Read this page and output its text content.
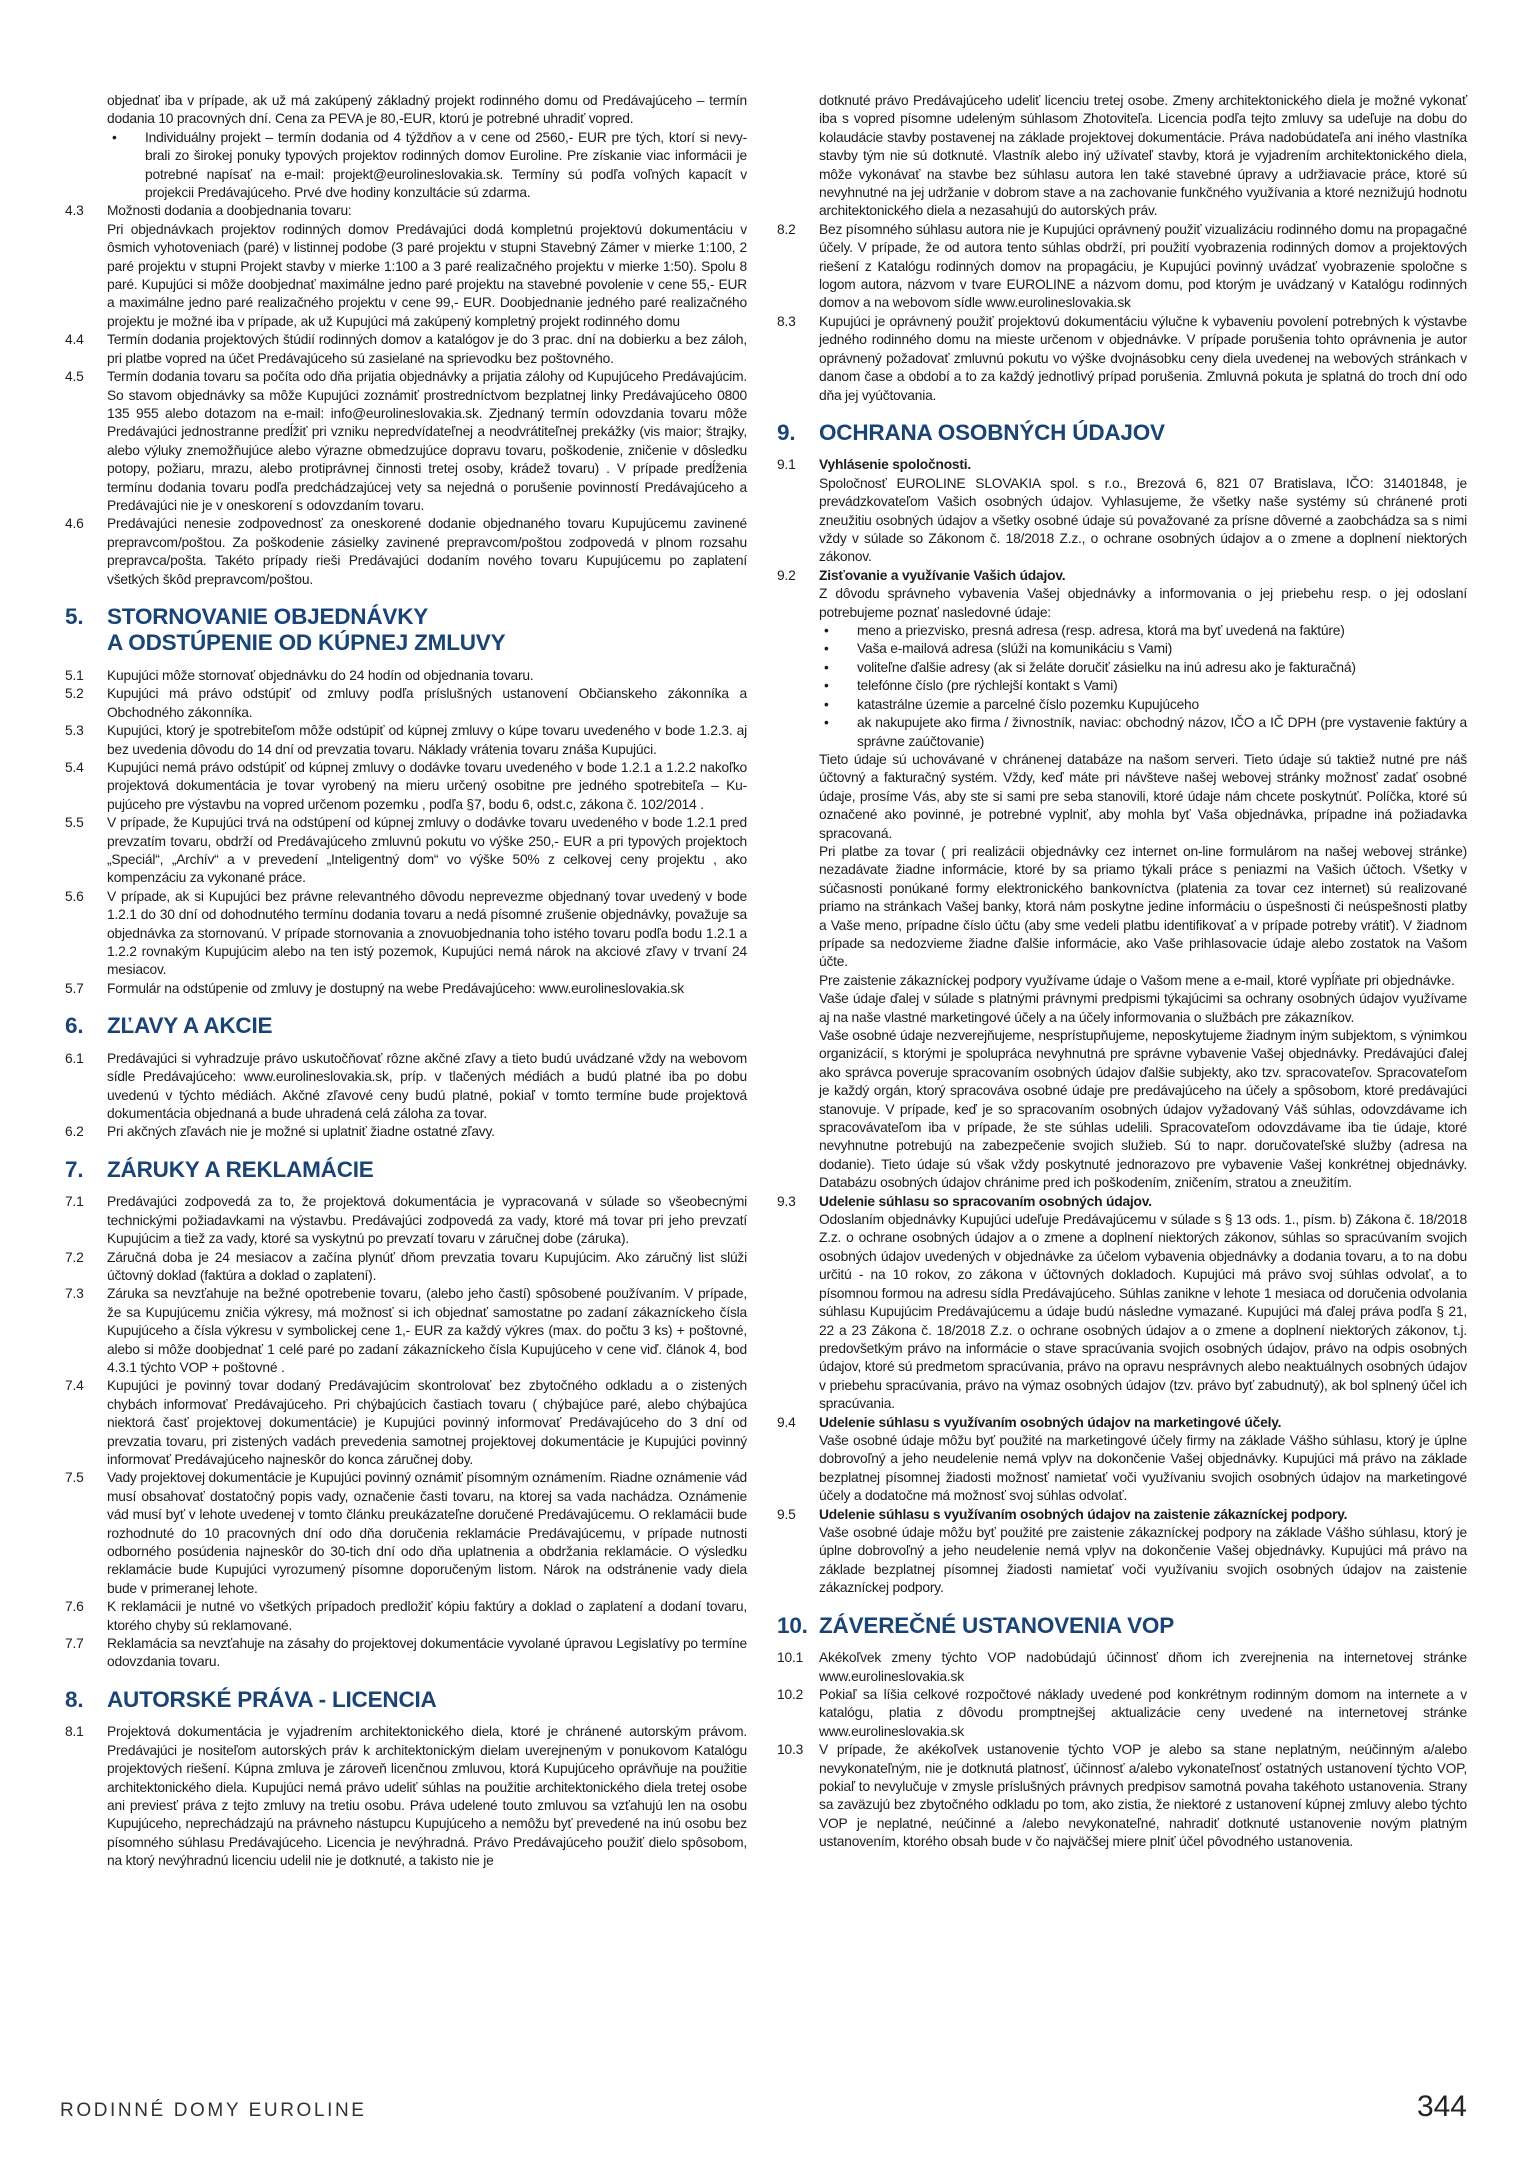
objednať iba v prípade, ak už má zakúpený základný projekt rodinného domu od Predávajúceho – termín dodania 10 pracovných dní. Cena za PEVA je 80,-EUR, ktorú je potrebné uhradiť vopred.
•	Individuálny projekt – termín dodania od 4 týždňov a v cene od 2560,- EUR pre tých, ktorí si nevy-brali zo širokej ponuky typových projektov rodinných domov Euroline. Pre získanie viac informácii je potrebné napísať na e-mail: projekt@eurolineslovakia.sk. Termíny sú podľa voľných kapacít v projekcii Predávajúceho. Prvé dve hodiny konzultácie sú zdarma.
4.3	Možnosti dodania a doobjednania tovaru:
Pri objednávkach projektov rodinných domov Predávajúci dodá kompletnú projektovú dokumentáciu v ôsmich vyhotoveniach (paré) v listinnej podobe (3 paré projektu v stupni Stavebný Zámer v mierke 1:100, 2 paré projektu v stupni Projekt stavby v mierke 1:100 a 3 paré realizačného projektu v mierke 1:50). Spolu 8 paré. Kupujúci si môže doobjednať maximálne jedno paré projektu na stavebné povolenie v cene 55,- EUR a maximálne jedno paré realizačného projektu v cene 99,- EUR. Doobjednanie jedného paré realizačného projektu je možné iba v prípade, ak už Kupujúci má zakúpený kompletný projekt rodinného domu
4.4	Termín dodania projektových štúdií rodinných domov a katalógov je do 3 prac. dní na dobierku a bez záloh, pri platbe vopred na účet Predávajúceho sú zasielané na sprievodku bez poštovného.
4.5	Termín dodania tovaru sa počíta odo dňa prijatia objednávky a prijatia zálohy od Kupujúceho Predávajúcim. So stavom objednávky sa môže Kupujúci zoznámiť prostredníctvom bezplatnej linky Predávajúceho 0800 135 955 alebo dotazom na e-mail: info@eurolineslovakia.sk. Zjednaný termín odovzdania tovaru môže Predávajúci jednostranne predĺžiť pri vzniku nepredvídateľnej a neodvrátiteľnej prekážky (vis maior; štrajky, alebo výluky znemožňujúce alebo výrazne obmedzujúce dopravu tovaru, poškodenie, zničenie v dôsledku potopy, požiaru, mrazu, alebo protiprávnej činnosti tretej osoby, krádež tovaru) . V prípade predĺženia termínu dodania tovaru podľa predchádzajúcej vety sa nejedná o porušenie povinností Predávajúceho a Predávajúci nie je v oneskorení s odovzdaním tovaru.
4.6	Predávajúci nenesie zodpovednosť za oneskorené dodanie objednaného tovaru Kupujúcemu zavinené prepravcom/poštou. Za poškodenie zásielky zavinené prepravcom/poštou zodpovedá v plnom rozsahu prepravca/pošta. Takéto prípady rieši Predávajúci dodaním nového tovaru Kupujúcemu po zaplatení všetkých škôd prepravcom/poštou.
5.	STORNOVANIE OBJEDNÁVKY
A ODSTÚPENIE OD KÚPNEJ ZMLUVY
5.1	Kupujúci môže stornovať objednávku do 24 hodín od objednania tovaru.
5.2	Kupujúci má právo odstúpiť od zmluvy podľa príslušných ustanovení Občianskeho zákonníka a Obchodného zákonníka.
5.3	Kupujúci, ktorý je spotrebiteľom môže odstúpiť od kúpnej zmluvy o kúpe tovaru uvedeného v bode 1.2.3. aj bez uvedenia dôvodu do 14 dní od prevzatia tovaru. Náklady vrátenia tovaru znáša Kupujúci.
5.4	Kupujúci nemá právo odstúpiť od kúpnej zmluvy o dodávke tovaru uvedeného v bode 1.2.1 a 1.2.2 nakoľko projektová dokumentácia je tovar vyrobený na mieru určený osobitne pre jedného spotrebiteľa – Ku-pujúceho pre výstavbu na vopred určenom pozemku , podľa §7, bodu 6, odst.c, zákona č. 102/2014 .
5.5	V prípade, že Kupujúci trvá na odstúpení od kúpnej zmluvy o dodávke tovaru uvedeného v bode 1.2.1 pred prevzatím tovaru, obdrží od Predávajúceho zmluvnú pokutu vo výške 250,- EUR a pri typových projektoch „Speciál“, „Archív“ a v prevedení „Inteligentný dom“ vo výške 50% z celkovej ceny projektu , ako kompenzáciu za vykonané práce.
5.6	V prípade, ak si Kupujúci bez právne relevantného dôvodu neprevezme objednaný tovar uvedený v bode 1.2.1 do 30 dní od dohodnutého termínu dodania tovaru a nedá písomné zrušenie objednávky, považuje sa objednávka za stornovanú. V prípade stornovania a znovuobjednania toho istého tovaru podľa bodu 1.2.1 a 1.2.2 rovnakým Kupujúcim alebo na ten istý pozemok, Kupujúci nemá nárok na akciové zľavy v trvaní 24 mesiacov.
5.7	Formulár na odstúpenie od zmluvy je dostupný na webe Predávajúceho: www.eurolineslovakia.sk
6.	ZĽAVY A AKCIE
6.1	Predávajúci si vyhradzuje právo uskutočňovať rôzne akčné zľavy a tieto budú uvádzané vždy na webovom sídle Predávajúceho: www.eurolineslovakia.sk, príp. v tlačených médiách a budú platné iba po dobu uvedenú v týchto médiách. Akčné zľavové ceny budú platné, pokiaľ v tomto termíne bude projektová dokumentácia objednaná a bude uhradená celá záloha za tovar.
6.2	Pri akčných zľavách nie je možné si uplatniť žiadne ostatné zľavy.
7.	ZÁRUKY A REKLAMÁCIE
7.1	Predávajúci zodpovedá za to, že projektová dokumentácia je vypracovaná v súlade so všeobecnými technickými požiadavkami na výstavbu. Predávajúci zodpovedá za vady, ktoré má tovar pri jeho prevzatí Kupujúcim a tiež za vady, ktoré sa vyskytnú po prevzatí tovaru v záručnej dobe (záruka).
7.2	Záručná doba je 24 mesiacov a začína plynúť dňom prevzatia tovaru Kupujúcim. Ako záručný list slúži účtovný doklad (faktúra a doklad o zaplatení).
7.3	Záruka sa nevzťahuje na bežné opotrebenie tovaru, (alebo jeho častí) spôsobené používaním. V prípade, že sa Kupujúcemu zničia výkresy, má možnosť si ich objednať samostatne po zadaní zákazníckeho čísla Kupujúceho a čísla výkresu v symbolickej cene 1,- EUR za každý výkres (max. do počtu 3 ks) + poštovné, alebo si môže doobjednať 1 celé paré po zadaní zákazníckeho čísla Kupujúceho v cene viď. článok 4, bod 4.3.1 týchto VOP + poštovné .
7.4	Kupujúci je povinný tovar dodaný Predávajúcim skontrolovať bez zbytočného odkladu a o zistených chybách informovať Predávajúceho. Pri chýbajúcich častiach tovaru ( chýbajúce paré, alebo chýbajúca niektorá časť projektovej dokumentácie) je Kupujúci povinný informovať Predávajúceho do 3 dní od prevzatia tovaru, pri zistených vadách prevedenia samotnej projektovej dokumentácie je Kupujúci povinný informovať Predávajúceho najneskôr do konca záručnej doby.
7.5	Vady projektovej dokumentácie je Kupujúci povinný oznámiť písomným oznámením. Riadne oznámenie vád musí obsahovať dostatočný popis vady, označenie časti tovaru, na ktorej sa vada nachádza. Oznámenie vád musí byť v lehote uvedenej v tomto článku preukázateľne doručené Predávajúcemu. O reklamácii bude rozhodnuté do 10 pracovných dní odo dňa doručenia reklamácie Predávajúcemu, v prípade nutnosti odborného posúdenia najneskôr do 30-tich dní odo dňa uplatnenia a obdržania reklamácie. O výsledku reklamácie bude Kupujúci vyrozumený písomne doporučeným listom. Nárok na odstránenie vady diela bude v primeranej lehote.
7.6	K reklamácii je nutné vo všetkých prípadoch predložiť kópiu faktúry a doklad o zaplatení a dodaní tovaru, ktorého chyby sú reklamované.
7.7	Reklamácia sa nevzťahuje na zásahy do projektovej dokumentácie vyvolané úpravou Legislatívy po termíne odovzdania tovaru.
8.	AUTORSKÉ PRÁVA - LICENCIA
8.1	Projektová dokumentácia je vyjadrením architektonického diela, ktoré je chránené autorským právom. Predávajúci je nositeľom autorských práv k architektonickým dielam uverejneným v ponukovom Katalógu projektových riešení. Kúpna zmluva je zároveň licenčnou zmluvou, ktorá Kupujúceho oprávňuje na použitie architektonického diela. Kupujúci nemá právo udeliť súhlas na použitie architektonického diela tretej osobe ani previesť práva z tejto zmluvy na tretiu osobu. Práva udelené touto zmluvou sa vzťahujú len na osobu Kupujúceho, neprechádzajú na právneho nástupcu Kupujúceho a nemôžu byť prevedené na inú osobu bez písomného súhlasu Predávajúceho. Licencia je nevýhradná. Právo Predávajúceho použiť dielo spôsobom, na ktorý nevýhradnú licenciu udelil nie je dotknuté, a takisto nie je
dotknuté právo Predávajúceho udeliť licenciu tretej osobe. Zmeny architektonického diela je možné vykonať iba s vopred písomne udeleným súhlasom Zhotoviteľa. Licencia podľa tejto zmluvy sa udeľuje na dobu do kolaudácie stavby postavenej na základe projektovej dokumentácie. Práva nadobúdateľa ani iného vlastníka stavby tým nie sú dotknuté. Vlastník alebo iný užívateľ stavby, ktorá je vyjadrením architektonického diela, môže vykonávať na stavbe bez súhlasu autora len také stavebné úpravy a udržiavacie práce, ktoré sú nevyhnutné na jej udržanie v dobrom stave a na zachovanie funkčného využívania a ktoré neznižujú hodnotu architektonického diela a nezasahujú do autorských práv.
8.2	Bez písomného súhlasu autora nie je Kupujúci oprávnený použiť vizualizáciu rodinného domu na propagačné účely. V prípade, že od autora tento súhlas obdrží, pri použití vyobrazenia rodinných domov a projektových riešení z Katalógu rodinných domov na propagáciu, je Kupujúci povinný uvádzať vyobrazenie spoločne s logom autora, názvom v tvare EUROLINE a názvom domu, pod ktorým je uvádzaný v Katalógu rodinných domov a na webovom sídle www.eurolineslovakia.sk
8.3	Kupujúci je oprávnený použiť projektovú dokumentáciu výlučne k vybaveniu povolení potrebných k výstavbe jedného rodinného domu na mieste určenom v objednávke. V prípade porušenia tohto oprávnenia je autor oprávnený požadovať zmluvnú pokutu vo výške dvojnásobku ceny diela uvedenej na webových stránkach v danom čase a období a to za každý jednotlivý prípad porušenia. Zmluvná pokuta je splatná do troch dní odo dňa jej vyúčtovania.
9.	OCHRANA OSOBNÝCH ÚDAJOV
9.1	Vyhlásenie spoločnosti.
Spoločnosť EUROLINE SLOVAKIA spol. s r.o., Brezová 6, 821 07 Bratislava, IČO: 31401848, je prevádzkovateľom Vašich osobných údajov. Vyhlasujeme, že všetky naše systémy sú chránené proti zneužitiu osobných údajov a všetky osobné údaje sú považované za prísne dôverné a zaobchádza sa s nimi vždy v súlade so Zákonom č. 18/2018 Z.z., o ochrane osobných údajov a o zmene a doplnení niektorých zákonov.
9.2	Zisťovanie a využívanie Vašich údajov.
Z dôvodu správneho vybavenia Vašej objednávky a informovania o jej priebehu resp. o jej odoslaní potrebujeme poznať nasledovné údaje:
•	meno a priezvisko, presná adresa (resp. adresa, ktorá ma byť uvedená na faktúre)
•	Vaša e-mailová adresa (slúži na komunikáciu s Vami)
•	voliteľne ďalšie adresy (ak si želáte doručiť zásielku na inú adresu ako je fakturačná)
•	telefónne číslo (pre rýchlejší kontakt s Vami)
•	katastrálne územie a parcelné číslo pozemku Kupujúceho
•	ak nakupujete ako firma / živnostník, naviac: obchodný názov, IČO a IČ DPH (pre vystavenie faktúry a správne zaúčtovanie)
Tieto údaje sú uchovávané v chránenej databáze na našom serveri. Tieto údaje sú taktiež nutné pre náš účtovný a fakturačný systém. Vždy, keď máte pri návšteve našej webovej stránky možnosť zadať osobné údaje, prosíme Vás, aby ste si sami pre seba stanovili, ktoré údaje nám chcete poskytnúť. Políčka, ktoré sú označené ako povinné, je potrebné vyplniť, aby mohla byť Vaša objednávka, prípadne iná požiadavka spracovaná.
Pri platbe za tovar ( pri realizácii objednávky cez internet on-line formulárom na našej webovej stránke) nezadávate žiadne informácie, ktoré by sa priamo týkali práce s peniazmi na Vašich účtoch. Všetky v súčasnosti ponúkané formy elektronického bankovníctva (platenia za tovar cez internet) sú realizované priamo na stránkach Vašej banky, ktorá nám poskytne jedine informáciu o úspešnosti či neúspešnosti platby a Vaše meno, prípadne číslo účtu (aby sme vedeli platbu identifikovať a v prípade potreby vrátiť). V žiadnom prípade sa nedozvieme žiadne ďalšie informácie, ako Vaše prihlasovacie údaje alebo zostatok na Vašom účte.
Pre zaistenie zákazníckej podpory využívame údaje o Vašom mene a e-mail, ktoré vypĺňate pri objednávke.
Vaše údaje ďalej v súlade s platnými právnymi predpismi týkajúcimi sa ochrany osobných údajov využívame aj na naše vlastné marketingové účely a na účely informovania o službách pre zákazníkov.
Vaše osobné údaje nezverejňujeme, nesprístupňujeme, neposkytujeme žiadnym iným subjektom, s výnimkou organizácií, s ktorými je spolupráca nevyhnutná pre správne vybavenie Vašej objednávky. Predávajúci ďalej ako správca poveruje spracovaním osobných údajov ďalšie subjekty, ako tzv. spracovateľov. Spracovateľom je každý orgán, ktorý spracováva osobné údaje pre predávajúceho na účely a spôsobom, ktoré predávajúci stanovuje. V prípade, keď je so spracovaním osobných údajov vyžadovaný Váš súhlas, odovzdávame ich spracovávateľom iba v prípade, že ste súhlas udelili. Spracovateľom odovzdávame iba tie údaje, ktoré nevyhnutne potrebujú na zabezpečenie svojich služieb. Sú to napr. doručovateľské služby (adresa na dodanie). Tieto údaje sú však vždy poskytnuté jednorazovo pre vybavenie Vašej konkrétnej objednávky. Databázu osobných údajov chránime pred ich poškodením, zničením, stratou a zneužitím.
9.3	Udelenie súhlasu so spracovaním osobných údajov.
Odoslaním objednávky Kupujúci udeľuje Predávajúcemu v súlade s § 13 ods. 1., písm. b) Zákona č. 18/2018 Z.z. o ochrane osobných údajov a o zmene a doplnení niektorých zákonov, súhlas so spracúvaním svojich osobných údajov uvedených v objednávke za účelom vybavenia objednávky a dodania tovaru, a to na dobu určitú - na 10 rokov, zo zákona v účtovných dokladoch. Kupujúci má právo svoj súhlas odvolať, a to písomnou formou na adresu sídla Predávajúceho. Súhlas zanikne v lehote 1 mesiaca od doručenia odvolania súhlasu Kupujúcim Predávajúcemu a údaje budú následne vymazané. Kupujúci má ďalej práva podľa § 21, 22 a 23 Zákona č. 18/2018 Z.z. o ochrane osobných údajov a o zmene a doplnení niektorých zákonov, t.j. predovšetkým právo na informácie o stave spracúvania svojich osobných údajov, právo na odpis osobných údajov, ktoré sú predmetom spracúvania, právo na opravu nesprávnych alebo neaktuálnych osobných údajov v priebehu spracúvania, právo na výmaz osobných údajov (tzv. právo byť zabudnutý), ak bol splnený účel ich spracúvania.
9.4	Udelenie súhlasu s využívaním osobných údajov na marketingové účely.
Vaše osobné údaje môžu byť použité na marketingové účely firmy na základe Vášho súhlasu, ktorý je úplne dobrovoľný a jeho neudelenie nemá vplyv na dokončenie Vašej objednávky. Kupujúci má právo na základe bezplatnej písomnej žiadosti možnosť namietať voči využívaniu svojich osobných údajov na marketingové účely a dodatočne má možnosť svoj súhlas odvolať.
9.5	Udelenie súhlasu s využívaním osobných údajov na zaistenie zákazníckej podpory.
Vaše osobné údaje môžu byť použité pre zaistenie zákazníckej podpory na základe Vášho súhlasu, ktorý je úplne dobrovoľný a jeho neudelenie nemá vplyv na dokončenie Vašej objednávky. Kupujúci má právo na základe bezplatnej písomnej žiadosti namietať voči využívaniu svojich osobných údajov na zaistenie zákazníckej podpory.
10. ZÁVEREČNÉ USTANOVENIA VOP
10.1	Akékoľvek zmeny týchto VOP nadobúdajú účinnosť dňom ich zverejnenia na internetovej stránke www.eurolineslovakia.sk
10.2	Pokiaľ sa líšia celkové rozpočtové náklady uvedené pod konkrétnym rodinným domom na internete a v katalógu, platia z dôvodu promptnejšej aktualizácie ceny uvedené na internetovej stránke www.eurolineslovakia.sk
10.3	V prípade, že akékoľvek ustanovenie týchto VOP je alebo sa stane neplatným, neúčinným a/alebo nevykonateľným, nie je dotknutá platnosť, účinnosť a/alebo vykonateľnosť ostatných ustanovení týchto VOP, pokiaľ to nevylučuje v zmysle príslušných právnych predpisov samotná povaha takéhoto ustanovenia. Strany sa zaväzujú bez zbytočného odkladu po tom, ako zistia, že niektoré z ustanovení kúpnej zmluvy alebo týchto VOP je neplatné, neúčinné a /alebo nevykonateľné, nahradiť dotknuté ustanovenie novým platným ustanovením, ktorého obsah bude v čo najväčšej miere plniť účel pôvodného ustanovenia.
RODINNÉ DOMY EUROLINE	344
